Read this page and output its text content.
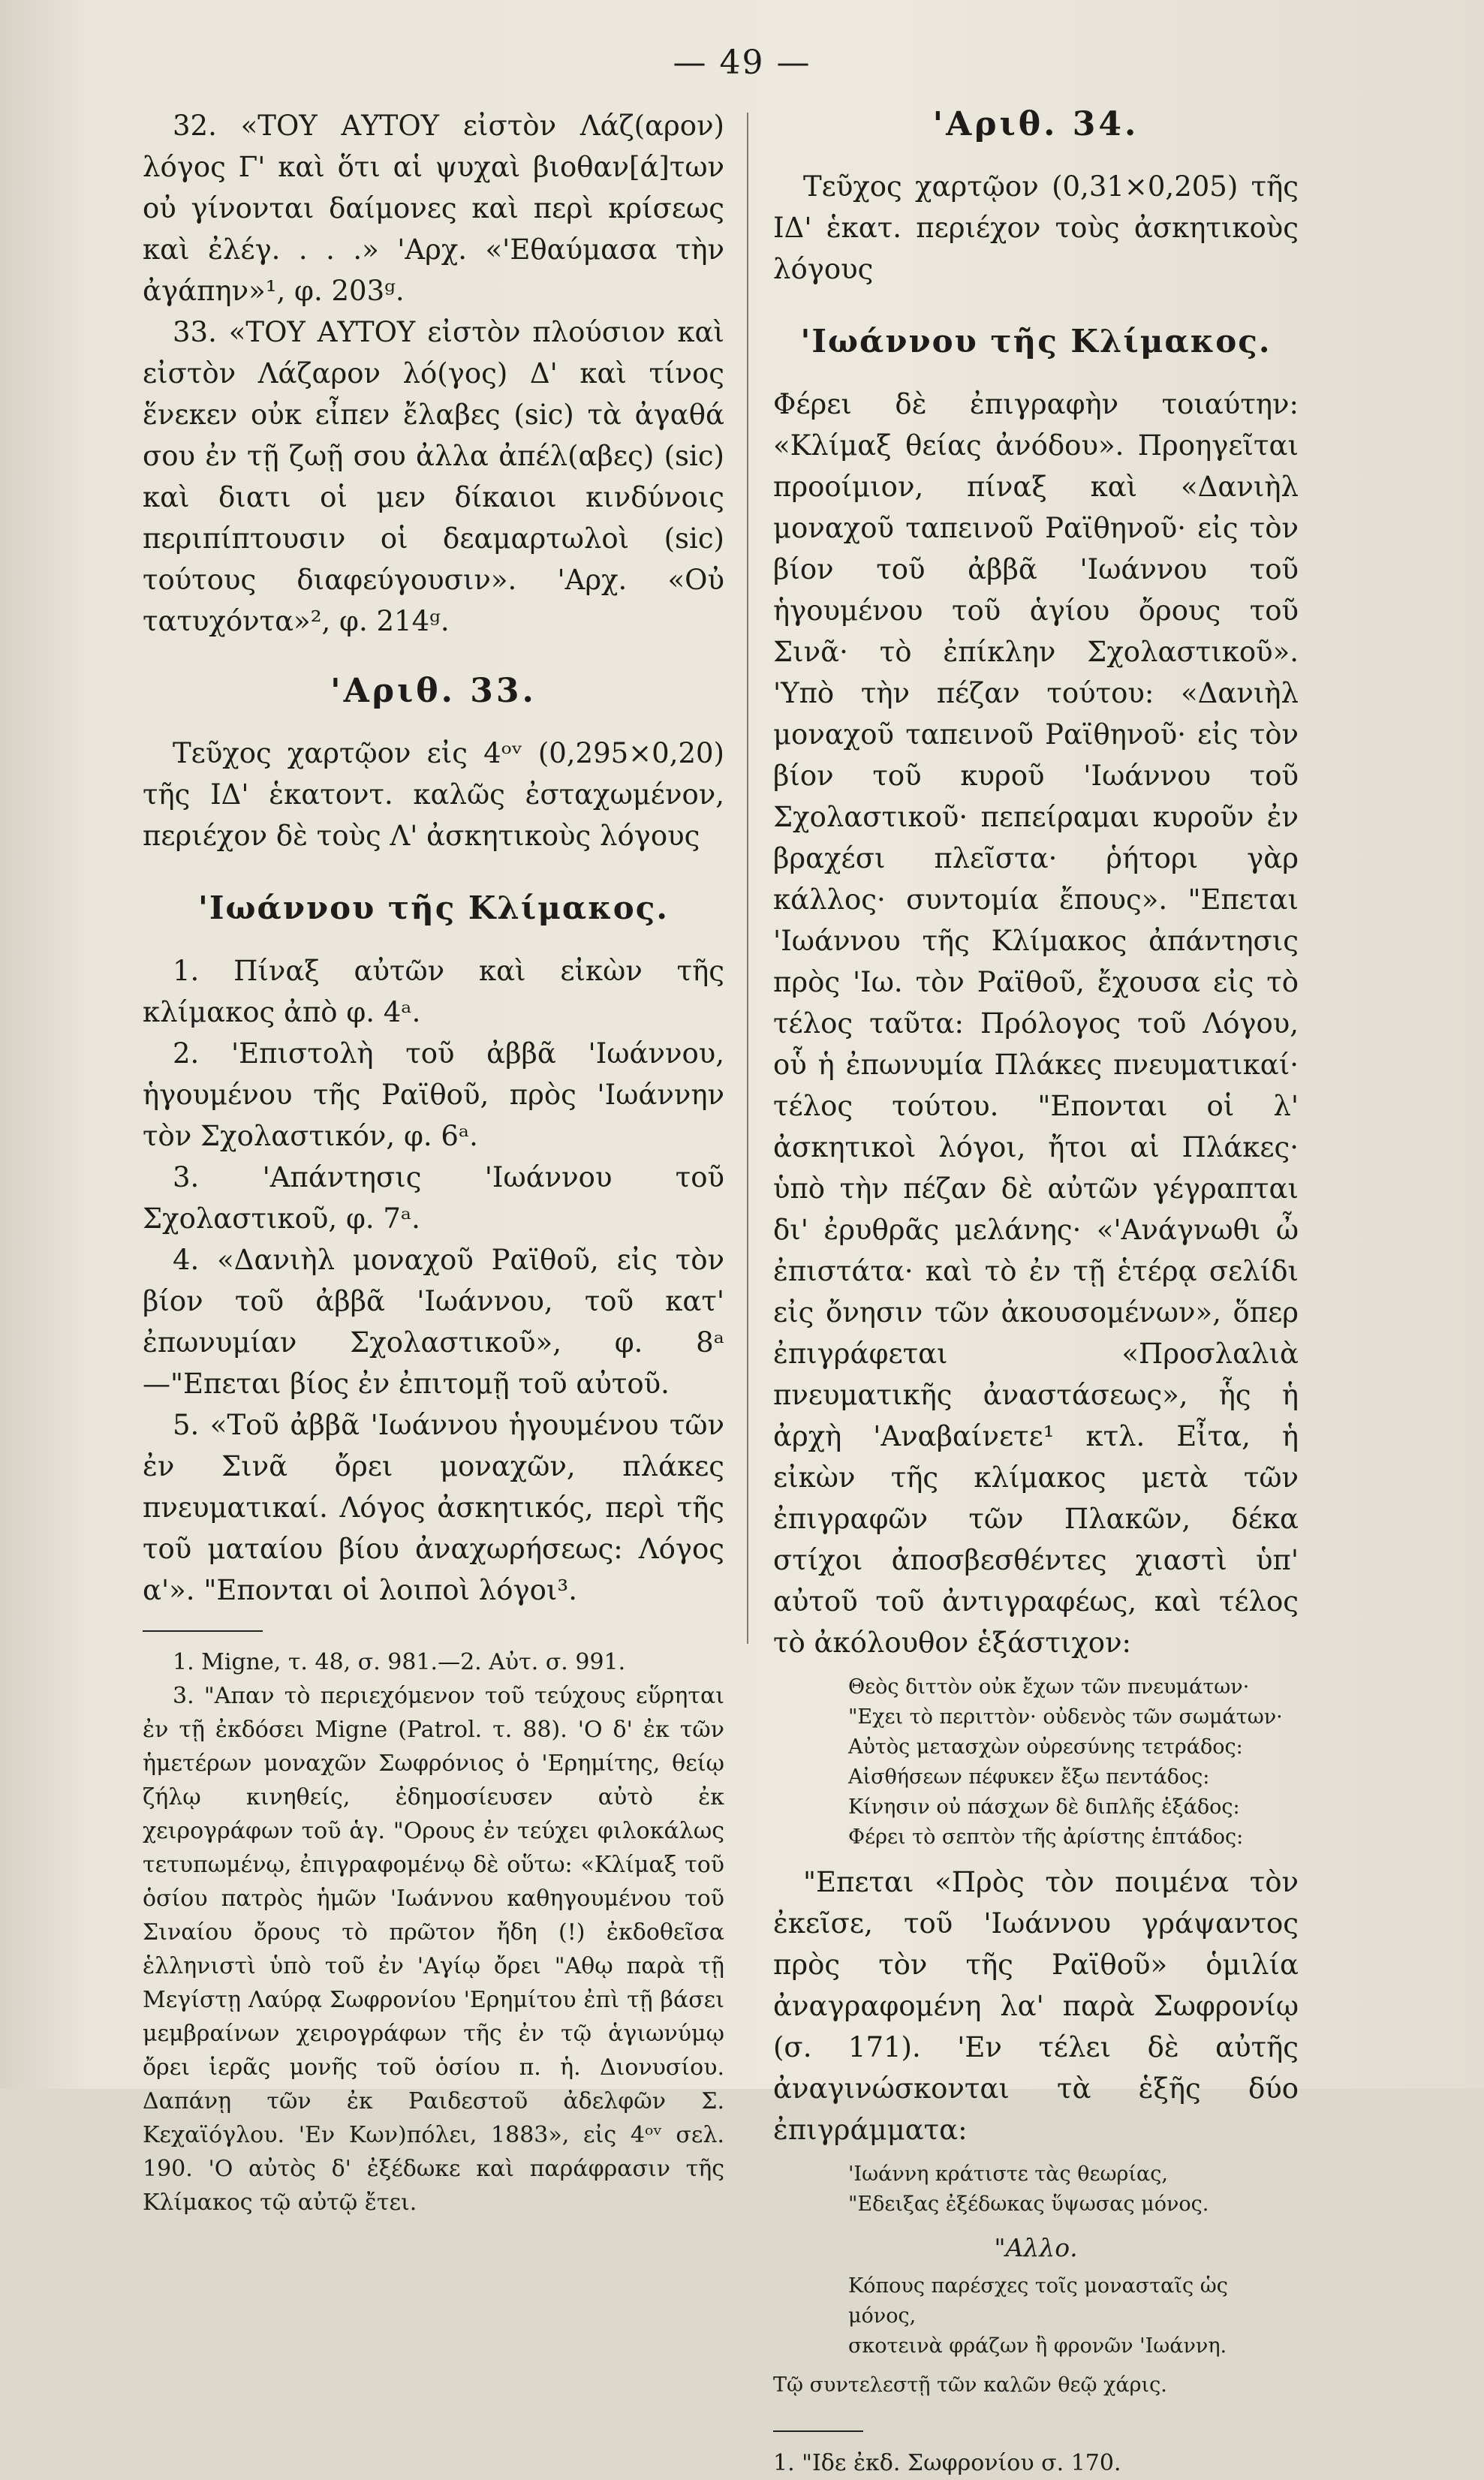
— 49 —

32. «ΤΟΥ ΑΥΤΟΥ εἰστὸν Λάζ(αρον) λόγος Γ' καὶ ὅτι αἱ ψυχαὶ βιοθαν[ά]των οὐ γίνονται δαίμονες καὶ περὶ κρίσεως καὶ ἐλέγ. . . .» 'Αρχ. «'Εθαύμασα τὴν ἀγάπην»¹, φ. 203ᵍ.

33. «ΤΟΥ ΑΥΤΟΥ εἰστὸν πλούσιον καὶ εἰστὸν Λάζαρον λό(γος) Δ' καὶ τίνος ἕνεκεν οὐκ εἶπεν ἔλαβες (sic) τὰ ἀγαθά σου ἐν τῇ ζωῇ σου ἀλλα ἀπέλ(αβες) (sic) καὶ διατι οἱ μεν δίκαιοι κινδύνοις περιπίπτουσιν οἱ δεαμαρτωλοὶ (sic) τούτους διαφεύγουσιν». 'Αρχ. «Οὐ τατυχόντα»², φ. 214ᵍ.

'Αριθ. 33.

Τεῦχος χαρτῷον εἰς 4ᵒᵛ (0,295×0,20) τῆς ΙΔ' ἑκατοντ. καλῶς ἐσταχωμένον, περιέχον δὲ τοὺς Λ' ἀσκητικοὺς λόγους

'Ιωάννου τῆς Κλίμακος.

1. Πίναξ αὐτῶν καὶ εἰκὼν τῆς κλίμακος ἀπὸ φ. 4ᵃ.

2. 'Επιστολὴ τοῦ ἀββᾶ 'Ιωάννου, ἡγουμένου τῆς Ραϊθοῦ, πρὸς 'Ιωάννην τὸν Σχολαστικόν, φ. 6ᵃ.

3. 'Απάντησις 'Ιωάννου τοῦ Σχολαστικοῦ, φ. 7ᵃ.

4. «Δανιὴλ μοναχοῦ Ραϊθοῦ, εἰς τὸν βίον τοῦ ἀββᾶ 'Ιωάννου, τοῦ κατ' ἐπωνυμίαν Σχολαστικοῦ», φ. 8ᵃ—"Επεται βίος ἐν ἐπιτομῇ τοῦ αὐτοῦ.

5. «Τοῦ ἀββᾶ 'Ιωάννου ἡγουμένου τῶν ἐν Σινᾶ ὄρει μοναχῶν, πλάκες πνευματικαί. Λόγος ἀσκητικός, περὶ τῆς τοῦ ματαίου βίου ἀναχωρήσεως: Λόγος α'». "Επονται οἱ λοιποὶ λόγοι³.

1. Migne, τ. 48, σ. 981.—2. Αὐτ. σ. 991.

3. "Απαν τὸ περιεχόμενον τοῦ τεύχους εὕρηται ἐν τῇ ἐκδόσει Migne (Patrol. τ. 88). 'Ο δ' ἐκ τῶν ἡμετέρων μοναχῶν Σωφρόνιος ὁ 'Ερημίτης, θείῳ ζήλῳ κινηθείς, ἐδημοσίευσεν αὐτὸ ἐκ χειρογράφων τοῦ ἁγ. "Ορους ἐν τεύχει φιλοκάλως τετυπωμένῳ, ἐπιγραφομένῳ δὲ οὕτω: «Κλίμαξ τοῦ ὁσίου πατρὸς ἡμῶν 'Ιωάννου καθηγουμένου τοῦ Σιναίου ὄρους τὸ πρῶτον ἤδη (!) ἐκδοθεῖσα ἑλληνιστὶ ὑπὸ τοῦ ἐν 'Αγίῳ ὄρει "Αθῳ παρὰ τῇ Μεγίστῃ Λαύρᾳ Σωφρονίου 'Ερημίτου ἐπὶ τῇ βάσει μεμβραίνων χειρογράφων τῆς ἐν τῷ ἁγιωνύμῳ ὄρει ἱερᾶς μονῆς τοῦ ὁσίου π. ἡ. Διονυσίου. Δαπάνῃ τῶν ἐκ Ραιδεστοῦ ἀδελφῶν Σ. Κεχαϊόγλου. 'Εν Κων)πόλει, 1883», εἰς 4ᵒᵛ σελ. 190. 'Ο αὐτὸς δ' ἐξέδωκε καὶ παράφρασιν τῆς Κλίμακος τῷ αὐτῷ ἔτει.

'Αριθ. 34.

Τεῦχος χαρτῷον (0,31×0,205) τῆς ΙΔ' ἑκατ. περιέχον τοὺς ἀσκητικοὺς λόγους

'Ιωάννου τῆς Κλίμακος.

Φέρει δὲ ἐπιγραφὴν τοιαύτην: «Κλίμαξ θείας ἀνόδου». Προηγεῖται προοίμιον, πίναξ καὶ «Δανιὴλ μοναχοῦ ταπεινοῦ Ραϊθηνοῦ· εἰς τὸν βίον τοῦ ἀββᾶ 'Ιωάννου τοῦ ἡγουμένου τοῦ ἁγίου ὄρους τοῦ Σινᾶ· τὸ ἐπίκλην Σχολαστικοῦ». 'Υπὸ τὴν πέζαν τούτου: «Δανιὴλ μοναχοῦ ταπεινοῦ Ραϊθηνοῦ· εἰς τὸν βίον τοῦ κυροῦ 'Ιωάννου τοῦ Σχολαστικοῦ· πεπείραμαι κυροῦν ἐν βραχέσι πλεῖστα· ῥήτορι γὰρ κάλλος· συντομία ἔπους». "Επεται 'Ιωάννου τῆς Κλίμακος ἀπάντησις πρὸς 'Ιω. τὸν Ραϊθοῦ, ἔχουσα εἰς τὸ τέλος ταῦτα: Πρόλογος τοῦ Λόγου, οὗ ἡ ἐπωνυμία Πλάκες πνευματικαί· τέλος τούτου. "Επονται οἱ λ' ἀσκητικοὶ λόγοι, ἤτοι αἱ Πλάκες· ὑπὸ τὴν πέζαν δὲ αὐτῶν γέγραπται δι' ἐρυθρᾶς μελάνης· «'Ανάγνωθι ὦ ἐπιστάτα· καὶ τὸ ἐν τῇ ἑτέρᾳ σελίδι εἰς ὄνησιν τῶν ἀκουσομένων», ὅπερ ἐπιγράφεται «Προσλαλιὰ πνευματικῆς ἀναστάσεως», ἧς ἡ ἀρχὴ 'Αναβαίνετε¹ κτλ. Εἶτα, ἡ εἰκὼν τῆς κλίμακος μετὰ τῶν ἐπιγραφῶν τῶν Πλακῶν, δέκα στίχοι ἀποσβεσθέντες χιαστὶ ὑπ' αὐτοῦ τοῦ ἀντιγραφέως, καὶ τέλος τὸ ἀκόλουθον ἑξάστιχον:

Θεὸς διττὸν οὐκ ἔχων τῶν πνευμάτων·
"Εχει τὸ περιττὸν· οὐδενὸς τῶν σωμάτων·
Αὐτὸς μετασχὼν οὐρεσύνης τετράδος:
Αἰσθήσεων πέφυκεν ἔξω πεντάδος:
Κίνησιν οὐ πάσχων δὲ διπλῆς ἑξάδος:
Φέρει τὸ σεπτὸν τῆς ἀρίστης ἑπτάδος:

"Επεται «Πρὸς τὸν ποιμένα τὸν ἐκεῖσε, τοῦ 'Ιωάννου γράψαντος πρὸς τὸν τῆς Ραϊθοῦ» ὁμιλία ἀναγραφομένη λα' παρὰ Σωφρονίῳ (σ. 171). 'Εν τέλει δὲ αὐτῆς ἀναγινώσκονται τὰ ἑξῆς δύο ἐπιγράμματα:

'Ιωάννη κράτιστε τὰς θεωρίας,
"Εδειξας ἐξέδωκας ὕψωσας μόνος.
"Αλλο.
Κόπους παρέσχες τοῖς μονασταῖς ὡς μόνος,
σκοτεινὰ φράζων ἢ φρονῶν 'Ιωάννη.
Τῷ συντελεστῇ τῶν καλῶν θεῷ χάρις.

1. "Ιδε ἐκδ. Σωφρονίου σ. 170.
